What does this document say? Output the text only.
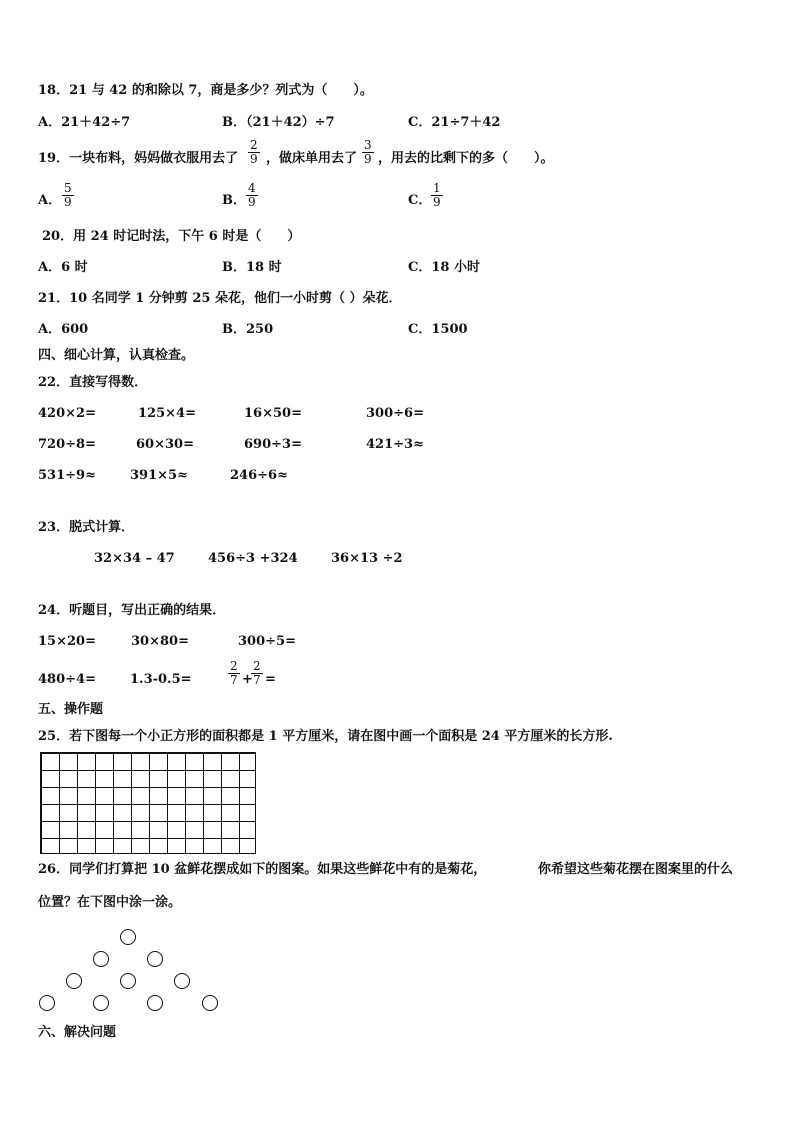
18．21 与 42 的和除以 7，商是多少？列式为（　　）。
A．21＋42÷7	B．（21＋42）÷7	C．21÷7＋42
19．一块布料，妈妈做衣服用去了
2
9 ，做床单用去了
3
9 ，用去的比剩下的多（　　）。
A．
5
9	B．
4
9	C．
1
9
20．用 24 时记时法，下午 6 时是（　　）
A．6 时	B．18 时	C．18 小时
21．10 名同学 1 分钟剪 25 朵花，他们一小时剪（ ）朵花．
A．600	B．250	C．1500
四、细心计算，认真检查。
22．直接写得数．
420×2=	125×4=	16×50=	300÷6=
720÷8=	60×30=	690÷3=	421÷3≈
531÷9≈	391×5≈	246÷6≈
23．脱式计算．
32×34 – 47	456÷3 +324	36×13 ÷2
24．听题目，写出正确的结果．
15×20=	30×80=	300÷5=
480÷4=	1.3-0.5=
2
7 +
2
7 =
五、操作题
25．若下图每一个小正方形的面积都是 1 平方厘米，请在图中画一个面积是 24 平方厘米的长方形.
26．同学们打算把 10 盆鲜花摆成如下的图案。如果这些鲜花中有的是菊花，	你希望这些菊花摆在图案里的什么
位置？在下图中涂一涂。
六、解决问题
